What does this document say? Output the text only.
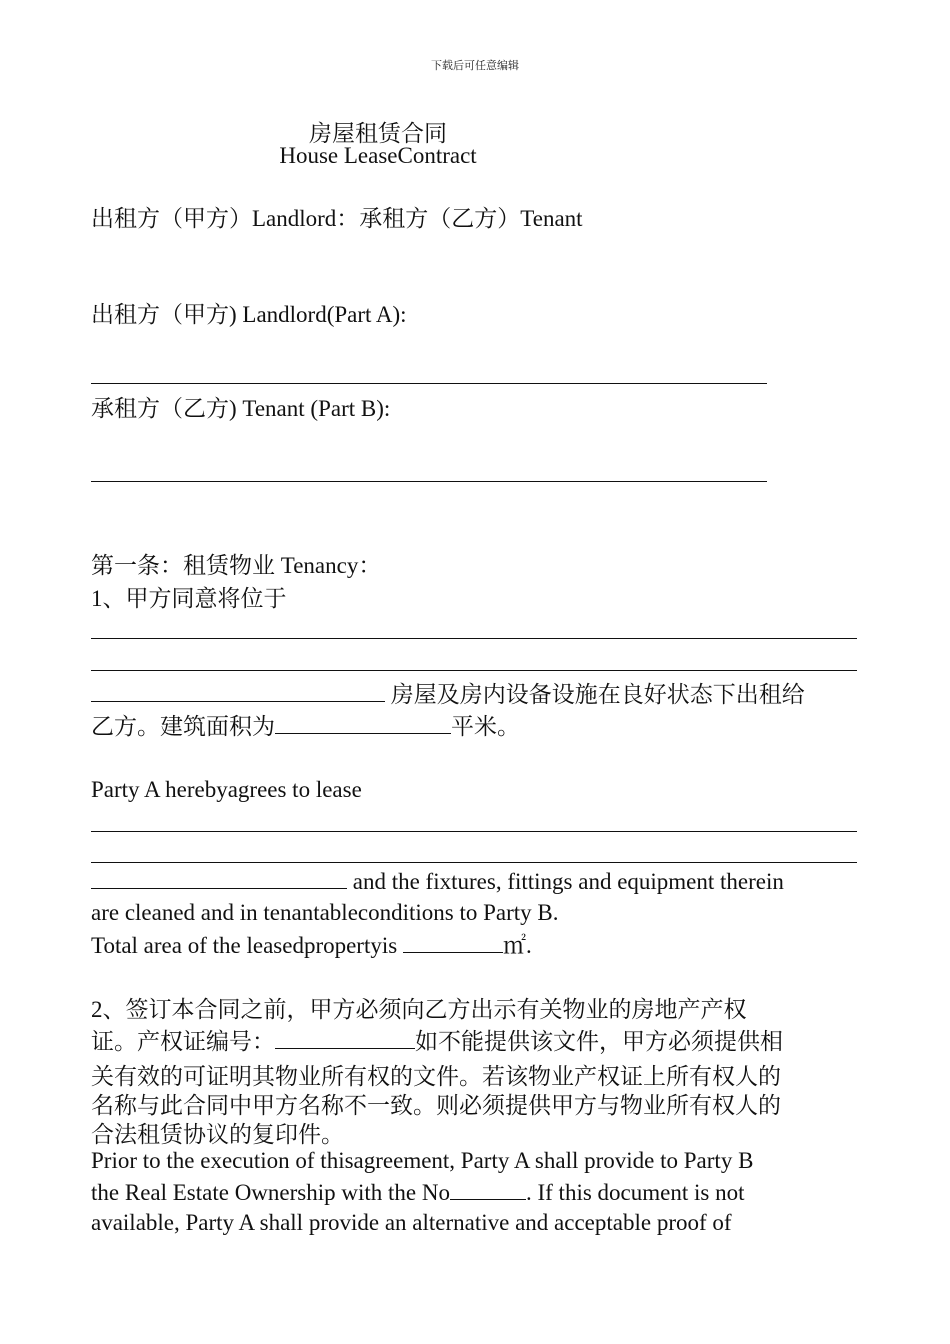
下载后可任意编辑
房屋租赁合同
House LeaseContract
出租方（甲方）Landlord：承租方（乙方）Tenant
出租方（甲方) Landlord(Part A):
承租方（乙方) Tenant (Part B):
第一条：租赁物业 Tenancy：
1、甲方同意将位于
房屋及房内设备设施在良好状态下出租给
乙方。建筑面积为	平米。
Party A herebyagrees to lease
and the fixtures, fittings and equipment therein
are cleaned and in tenantableconditions to Party B.
Total area of the leasedpropertyis	㎡.
2、签订本合同之前，甲方必须向乙方出示有关物业的房地产产权
证。产权证编号：	如不能提供该文件，甲方必须提供相
关有效的可证明其物业所有权的文件。若该物业产权证上所有权人的
名称与此合同中甲方名称不一致。则必须提供甲方与物业所有权人的
合法租赁协议的复印件。
Prior to the execution of thisagreement, Party A shall provide to Party B
the Real Estate Ownership with the No	. If this document is not
available, Party A shall provide an alternative and acceptable proof of
